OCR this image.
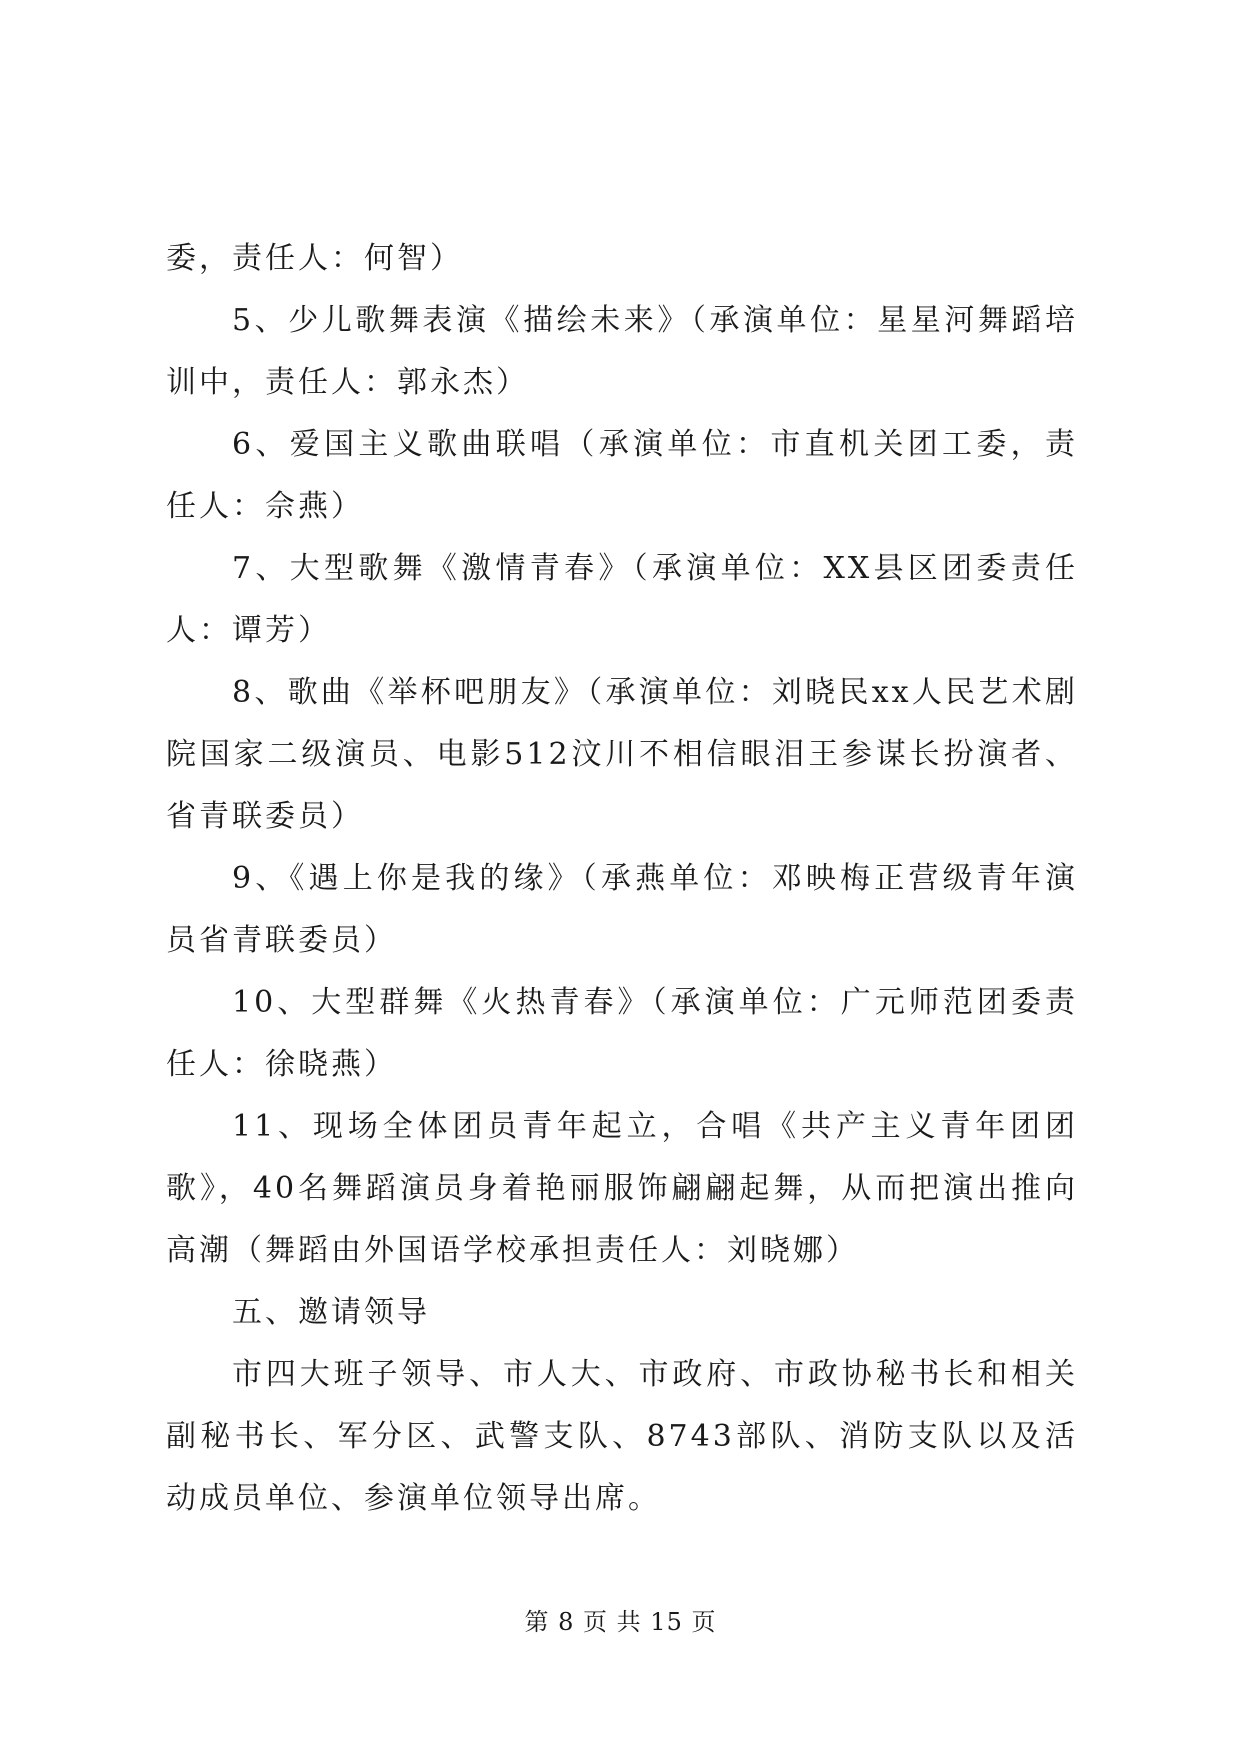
委，责任人：何智）

5、少儿歌舞表演《描绘未来》（承演单位：星星河舞蹈培训中，责任人：郭永杰）

6、爱国主义歌曲联唱（承演单位：市直机关团工委，责任人：佘燕）

7、大型歌舞《激情青春》（承演单位：XX县区团委责任人：谭芳）

8、歌曲《举杯吧朋友》（承演单位：刘晓民xx人民艺术剧院国家二级演员、电影512汶川不相信眼泪王参谋长扮演者、省青联委员）

9、《遇上你是我的缘》（承燕单位：邓映梅正营级青年演员省青联委员）

10、大型群舞《火热青春》（承演单位：广元师范团委责任人：徐晓燕）

11、现场全体团员青年起立，合唱《共产主义青年团团歌》，40名舞蹈演员身着艳丽服饰翩翩起舞，从而把演出推向高潮（舞蹈由外国语学校承担责任人：刘晓娜）

五、邀请领导

市四大班子领导、市人大、市政府、市政协秘书长和相关副秘书长、军分区、武警支队、8743部队、消防支队以及活动成员单位、参演单位领导出席。

第 8 页 共 15 页
